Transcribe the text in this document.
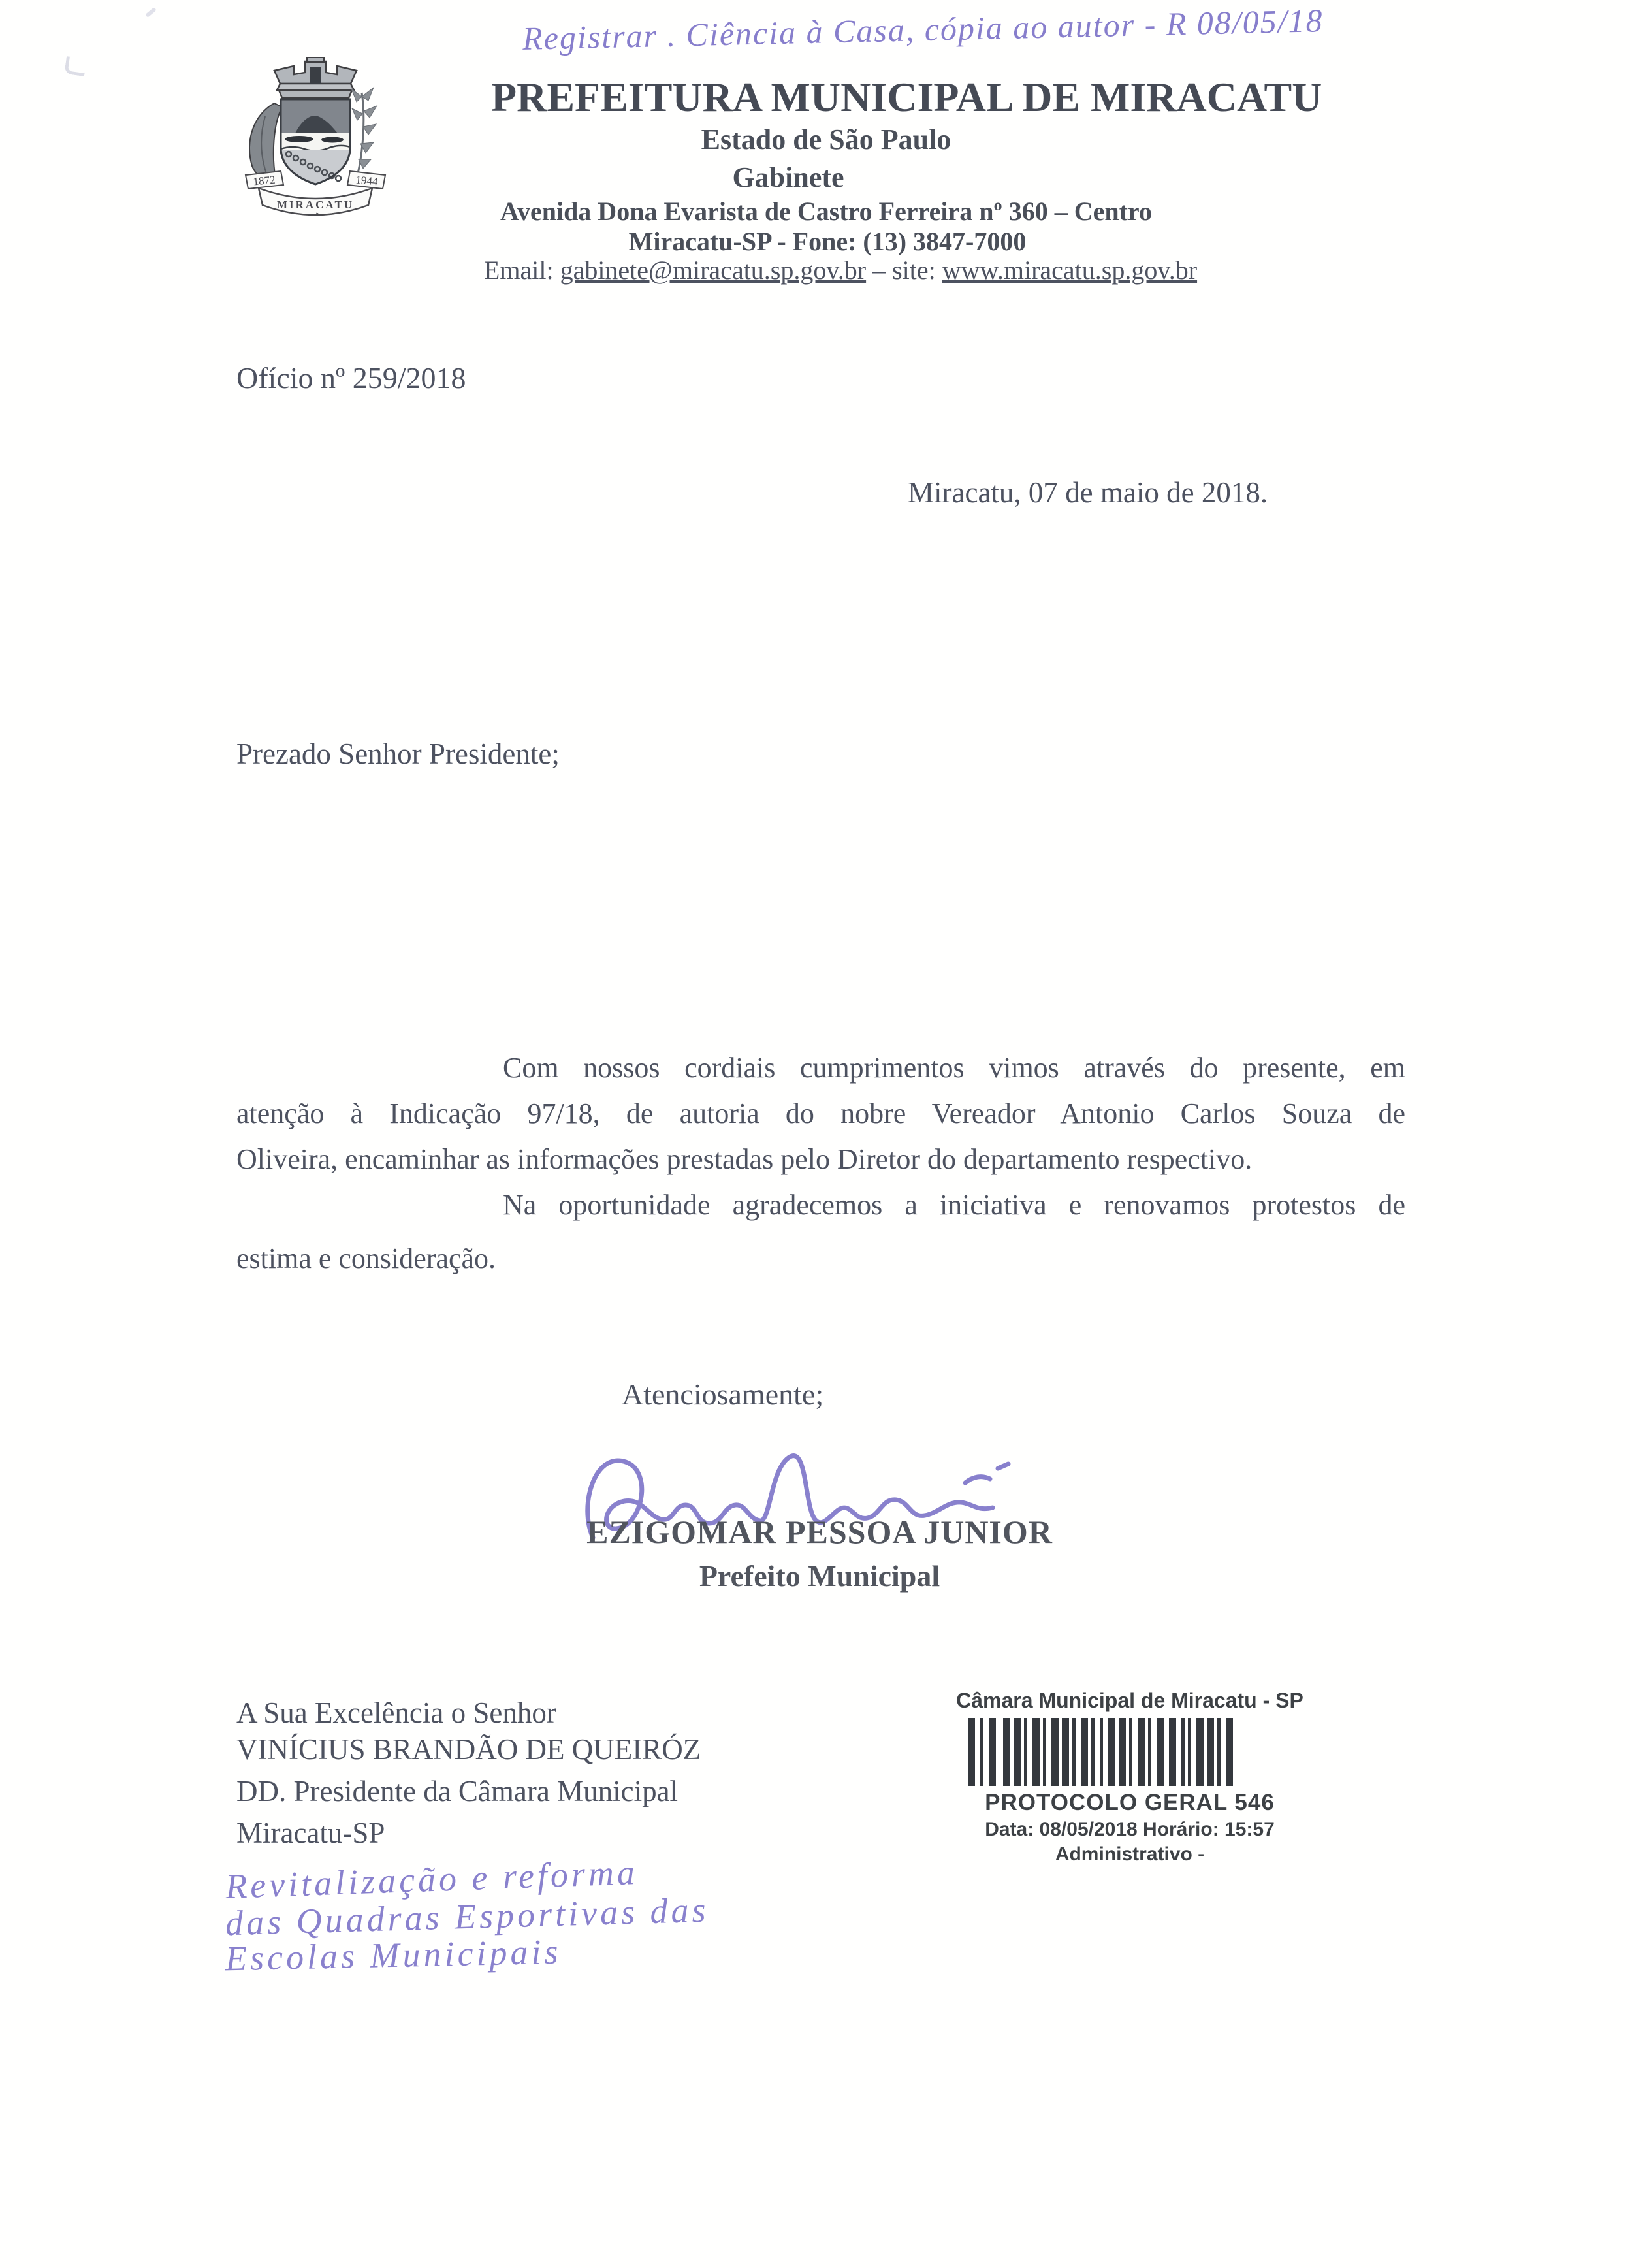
Registrar . Ciência à Casa, cópia ao autor - R 08/05/18
1872	1944
MIRACATU
PREFEITURA MUNICIPAL DE MIRACATU
Estado de São Paulo
Gabinete
Avenida Dona Evarista de Castro Ferreira nº 360 – Centro
Miracatu-SP - Fone: (13) 3847-7000
Email: gabinete@miracatu.sp.gov.br – site: www.miracatu.sp.gov.br
Ofício nº 259/2018
Miracatu, 07 de maio de 2018.
Prezado Senhor Presidente;
Com nossos cordiais cumprimentos vimos através do presente, em
atenção à Indicação 97/18, de autoria do nobre Vereador Antonio Carlos Souza de
Oliveira, encaminhar as informações prestadas pelo Diretor do departamento respectivo.
Na oportunidade agradecemos a iniciativa e renovamos protestos de
estima e consideração.
Atenciosamente;
EZIGOMAR PESSOA JUNIOR
Prefeito Municipal
A Sua Excelência o Senhor
VINÍCIUS BRANDÃO DE QUEIRÓZ
DD. Presidente da Câmara Municipal
Miracatu-SP
Revitalização e reforma
das Quadras Esportivas das
Escolas Municipais
Câmara Municipal de Miracatu - SP
PROTOCOLO GERAL 546
Data: 08/05/2018 Horário: 15:57
Administrativo -
